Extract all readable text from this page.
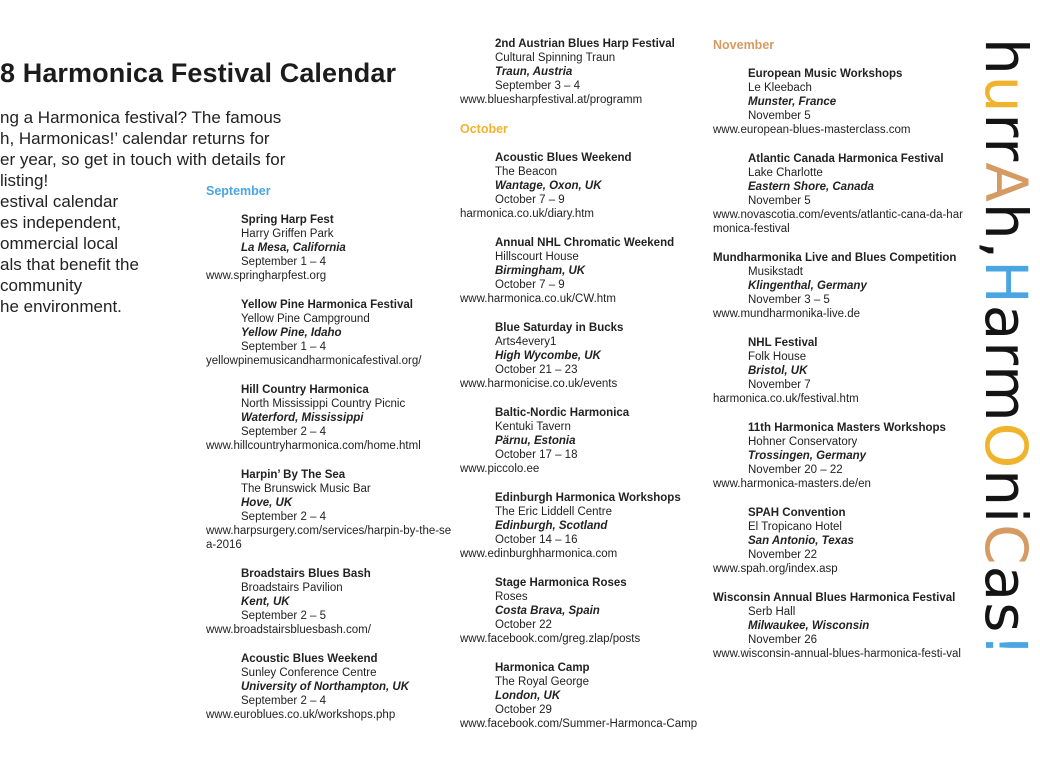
8 Harmonica Festival Calendar
ng a Harmonica festival? The famous
h, Harmonicas!’ calendar returns for
er year, so get in touch with details for
listing!
estival calendar
es independent,
ommercial local
als that benefit the
community
he environment.
September
Spring Harp Fest
Harry Griffen Park
La Mesa, California
September 1 – 4
www.springharpfest.org
Yellow Pine Harmonica Festival
Yellow Pine Campground
Yellow Pine, Idaho
September 1 – 4
yellowpinemusicandharmonicafestival.org/
Hill Country Harmonica
North Mississippi Country Picnic
Waterford, Mississippi
September 2 – 4
www.hillcountryharmonica.com/home.html
Harpin’ By The Sea
The Brunswick Music Bar
Hove, UK
September 2 – 4
www.harpsurgery.com/services/harpin-by-the-sea-2016
Broadstairs Blues Bash
Broadstairs Pavilion
Kent, UK
September 2 – 5
www.broadstairsbluesbash.com/
Acoustic Blues Weekend
Sunley Conference Centre
University of Northampton, UK
September 2 – 4
www.euroblues.co.uk/workshops.php
2nd Austrian Blues Harp Festival
Cultural Spinning Traun
Traun, Austria
September 3 – 4
www.bluesharpfestival.at/programm
October
Acoustic Blues Weekend
The Beacon
Wantage, Oxon, UK
October 7 – 9
harmonica.co.uk/diary.htm
Annual NHL Chromatic Weekend
Hillscourt House
Birmingham, UK
October 7 – 9
www.harmonica.co.uk/CW.htm
Blue Saturday in Bucks
Arts4every1
High Wycombe, UK
October 21 – 23
www.harmonicise.co.uk/events
Baltic-Nordic Harmonica
Kentuki Tavern
Pärnu, Estonia
October 17 – 18
www.piccolo.ee
Edinburgh Harmonica Workshops
The Eric Liddell Centre
Edinburgh, Scotland
October 14 – 16
www.edinburghharmonica.com
Stage Harmonica Roses
Roses
Costa Brava, Spain
October 22
www.facebook.com/greg.zlap/posts
Harmonica Camp
The Royal George
London, UK
October 29
www.facebook.com/Summer-Harmonca-Camp
November
European Music Workshops
Le Kleebach
Munster, France
November 5
www.european-blues-masterclass.com
Atlantic Canada Harmonica Festival
Lake Charlotte
Eastern Shore, Canada
November 5
www.novascotia.com/events/atlantic-cana-da-harmonica-festival
Mundharmonika Live and Blues Competition
Musikstadt
Klingenthal, Germany
November 3 – 5
www.mundharmonika-live.de
NHL Festival
Folk House
Bristol, UK
November 7
harmonica.co.uk/festival.htm
11th Harmonica Masters Workshops
Hohner Conservatory
Trossingen, Germany
November 20 – 22
www.harmonica-masters.de/en
SPAH Convention
El Tropicano Hotel
San Antonio, Texas
November 22
www.spah.org/index.asp
Wisconsin Annual Blues Harmonica Festival
Serb Hall
Milwaukee, Wisconsin
November 26
www.wisconsin-annual-blues-harmonica-festi-val
hurrAh,HarmOniCas!
